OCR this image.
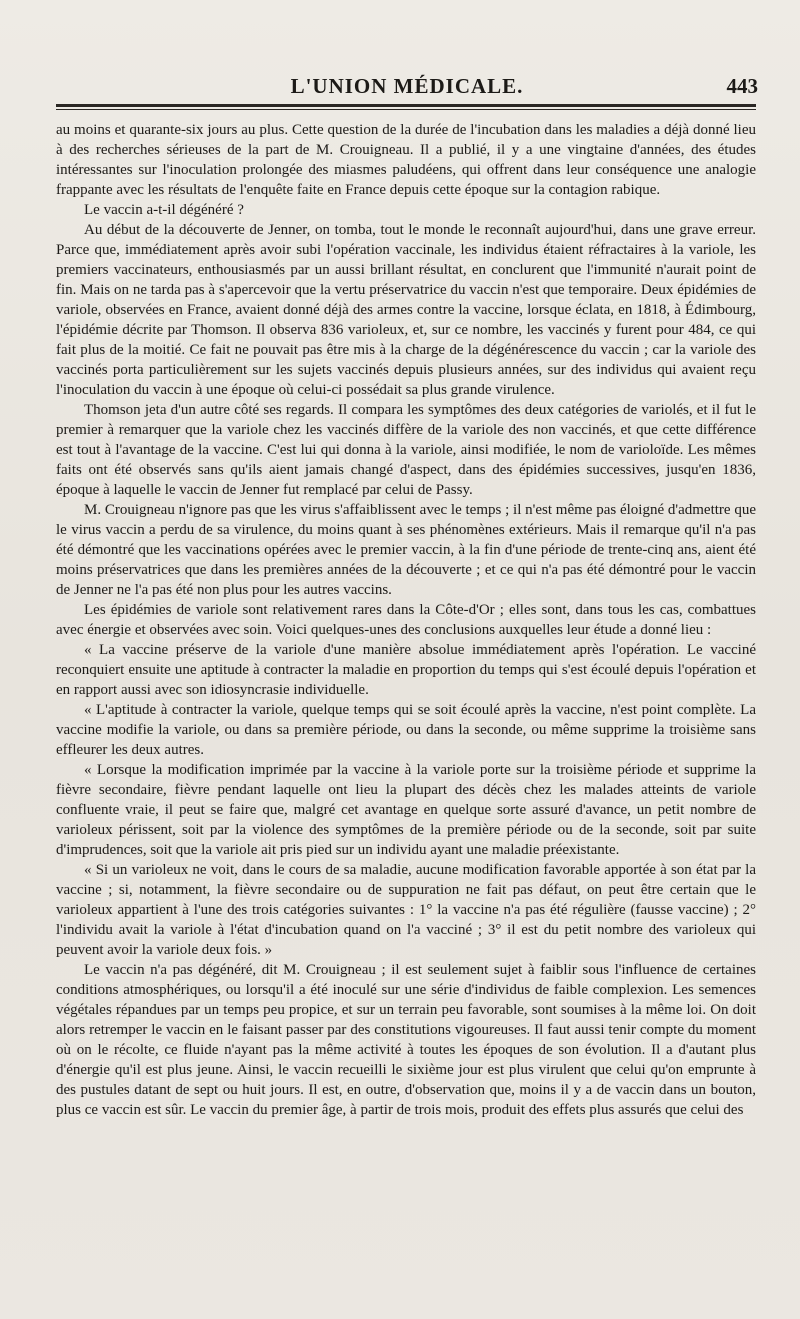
L'UNION MÉDICALE.	443

au moins et quarante-six jours au plus. Cette question de la durée de l'incubation dans les maladies a déjà donné lieu à des recherches sérieuses de la part de M. Crouigneau. Il a publié, il y a une vingtaine d'années, des études intéressantes sur l'inoculation prolongée des miasmes paludéens, qui offrent dans leur conséquence une analogie frappante avec les résultats de l'enquête faite en France depuis cette époque sur la contagion rabique.

Le vaccin a-t-il dégénéré ?

Au début de la découverte de Jenner, on tomba, tout le monde le reconnaît aujourd'hui, dans une grave erreur. Parce que, immédiatement après avoir subi l'opération vaccinale, les individus étaient réfractaires à la variole, les premiers vaccinateurs, enthousiasmés par un aussi brillant résultat, en conclurent que l'immunité n'aurait point de fin. Mais on ne tarda pas à s'apercevoir que la vertu préservatrice du vaccin n'est que temporaire. Deux épidémies de variole, observées en France, avaient donné déjà des armes contre la vaccine, lorsque éclata, en 1818, à Édimbourg, l'épidémie décrite par Thomson. Il observa 836 varioleux, et, sur ce nombre, les vaccinés y furent pour 484, ce qui fait plus de la moitié. Ce fait ne pouvait pas être mis à la charge de la dégénérescence du vaccin ; car la variole des vaccinés porta particulièrement sur les sujets vaccinés depuis plusieurs années, sur des individus qui avaient reçu l'inoculation du vaccin à une époque où celui-ci possédait sa plus grande virulence.

Thomson jeta d'un autre côté ses regards. Il compara les symptômes des deux catégories de variolés, et il fut le premier à remarquer que la variole chez les vaccinés diffère de la variole des non vaccinés, et que cette différence est tout à l'avantage de la vaccine. C'est lui qui donna à la variole, ainsi modifiée, le nom de varioloïde. Les mêmes faits ont été observés sans qu'ils aient jamais changé d'aspect, dans des épidémies successives, jusqu'en 1836, époque à laquelle le vaccin de Jenner fut remplacé par celui de Passy.

M. Crouigneau n'ignore pas que les virus s'affaiblissent avec le temps ; il n'est même pas éloigné d'admettre que le virus vaccin a perdu de sa virulence, du moins quant à ses phénomènes extérieurs. Mais il remarque qu'il n'a pas été démontré que les vaccinations opérées avec le premier vaccin, à la fin d'une période de trente-cinq ans, aient été moins préservatrices que dans les premières années de la découverte ; et ce qui n'a pas été démontré pour le vaccin de Jenner ne l'a pas été non plus pour les autres vaccins.

Les épidémies de variole sont relativement rares dans la Côte-d'Or ; elles sont, dans tous les cas, combattues avec énergie et observées avec soin. Voici quelques-unes des conclusions auxquelles leur étude a donné lieu :

« La vaccine préserve de la variole d'une manière absolue immédiatement après l'opération. Le vacciné reconquiert ensuite une aptitude à contracter la maladie en proportion du temps qui s'est écoulé depuis l'opération et en rapport aussi avec son idiosyncrasie individuelle.

« L'aptitude à contracter la variole, quelque temps qui se soit écoulé après la vaccine, n'est point complète. La vaccine modifie la variole, ou dans sa première période, ou dans la seconde, ou même supprime la troisième sans effleurer les deux autres.

« Lorsque la modification imprimée par la vaccine à la variole porte sur la troisième période et supprime la fièvre secondaire, fièvre pendant laquelle ont lieu la plupart des décès chez les malades atteints de variole confluente vraie, il peut se faire que, malgré cet avantage en quelque sorte assuré d'avance, un petit nombre de varioleux périssent, soit par la violence des symptômes de la première période ou de la seconde, soit par suite d'imprudences, soit que la variole ait pris pied sur un individu ayant une maladie préexistante.

« Si un varioleux ne voit, dans le cours de sa maladie, aucune modification favorable apportée à son état par la vaccine ; si, notamment, la fièvre secondaire ou de suppuration ne fait pas défaut, on peut être certain que le varioleux appartient à l'une des trois catégories suivantes : 1° la vaccine n'a pas été régulière (fausse vaccine) ; 2° l'individu avait la variole à l'état d'incubation quand on l'a vacciné ; 3° il est du petit nombre des varioleux qui peuvent avoir la variole deux fois. »

Le vaccin n'a pas dégénéré, dit M. Crouigneau ; il est seulement sujet à faiblir sous l'influence de certaines conditions atmosphériques, ou lorsqu'il a été inoculé sur une série d'individus de faible complexion. Les semences végétales répandues par un temps peu propice, et sur un terrain peu favorable, sont soumises à la même loi. On doit alors retremper le vaccin en le faisant passer par des constitutions vigoureuses. Il faut aussi tenir compte du moment où on le récolte, ce fluide n'ayant pas la même activité à toutes les époques de son évolution. Il a d'autant plus d'énergie qu'il est plus jeune. Ainsi, le vaccin recueilli le sixième jour est plus virulent que celui qu'on emprunte à des pustules datant de sept ou huit jours. Il est, en outre, d'observation que, moins il y a de vaccin dans un bouton, plus ce vaccin est sûr. Le vaccin du premier âge, à partir de trois mois, produit des effets plus assurés que celui des
